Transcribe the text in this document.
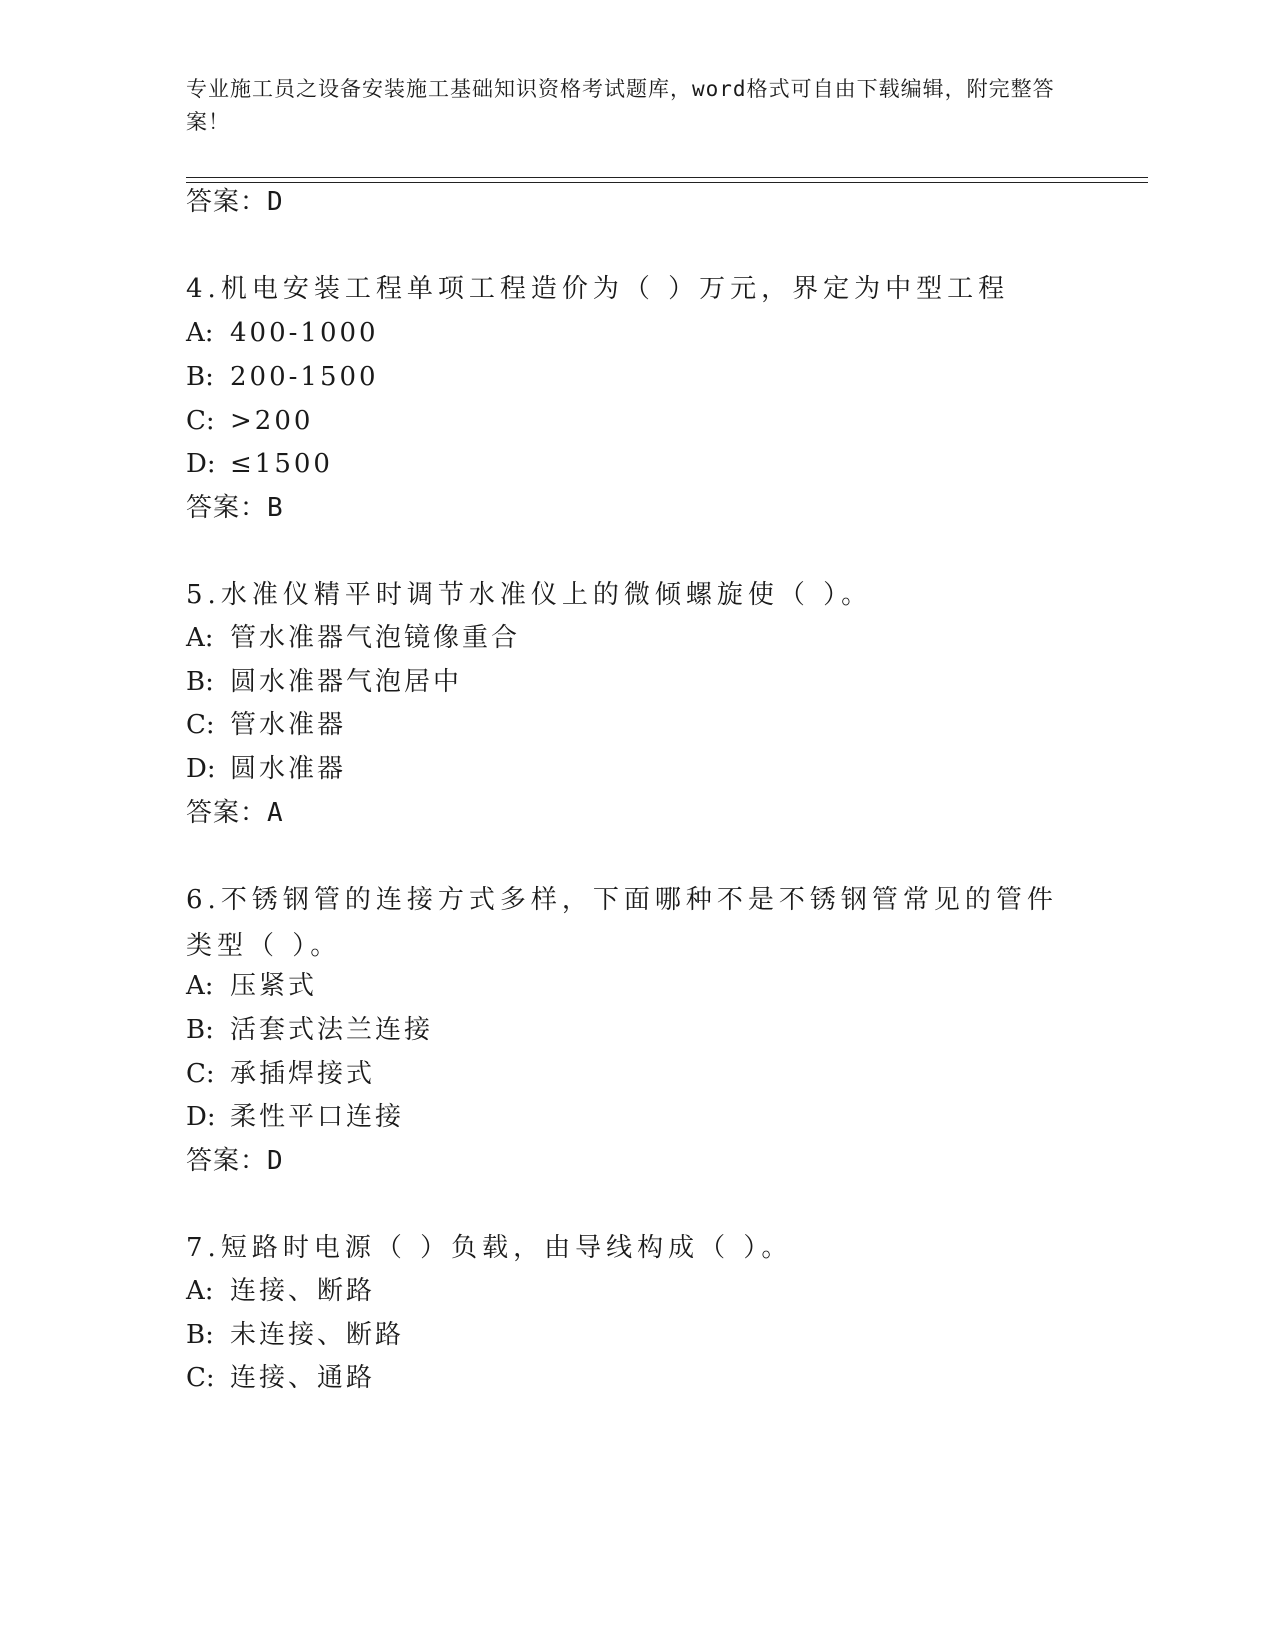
专业施工员之设备安装施工基础知识资格考试题库，word格式可自由下载编辑，附完整答案！
答案：D
4.机电安装工程单项工程造价为（ ）万元，界定为中型工程
A: 400-1000
B: 200-1500
C: >200
D: ≤1500
答案：B
5.水准仪精平时调节水准仪上的微倾螺旋使（ ）。
A: 管水准器气泡镜像重合
B: 圆水准器气泡居中
C: 管水准器
D: 圆水准器
答案：A
6.不锈钢管的连接方式多样，下面哪种不是不锈钢管常见的管件类型（ ）。
A: 压紧式
B: 活套式法兰连接
C: 承插焊接式
D: 柔性平口连接
答案：D
7.短路时电源（ ）负载，由导线构成（ ）。
A: 连接、断路
B: 未连接、断路
C: 连接、通路
